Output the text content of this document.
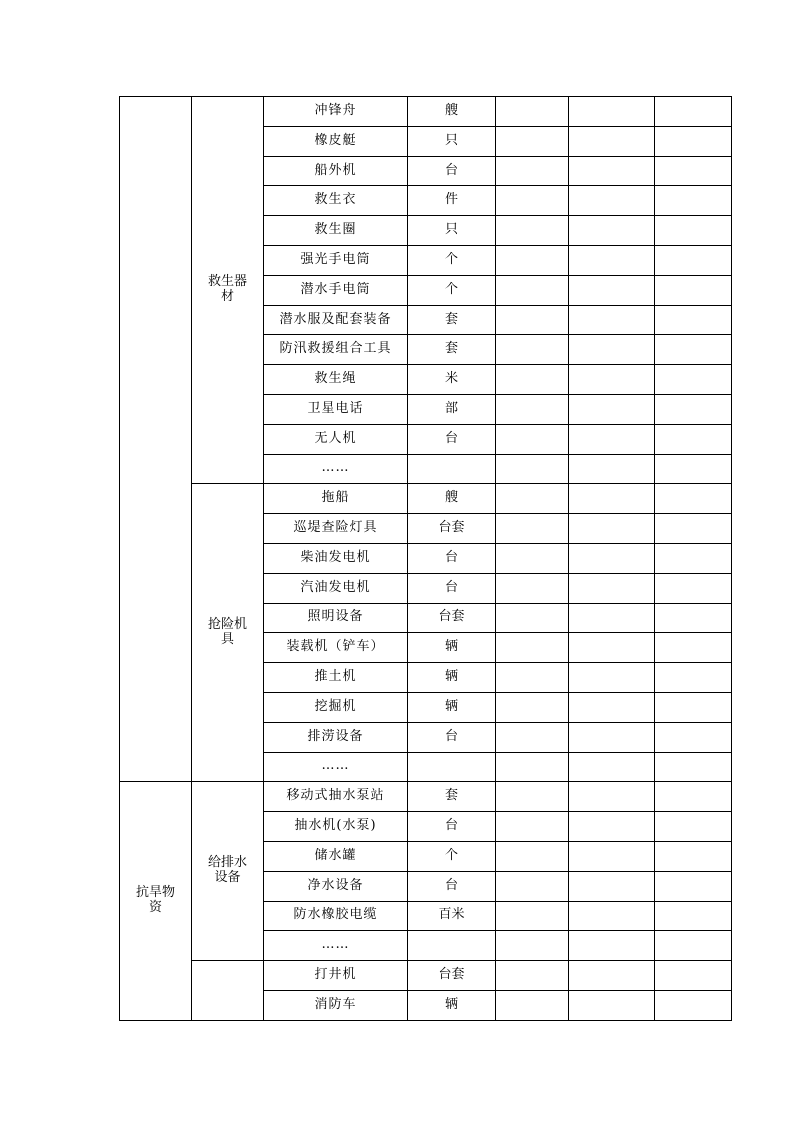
	救生器材	冲锋舟	艘			
		橡皮艇	只			
		船外机	台			
		救生衣	件			
		救生圈	只			
		强光手电筒	个			
		潜水手电筒	个			
		潜水服及配套装备	套			
		防汛救援组合工具	套			
		救生绳	米			
		卫星电话	部			
		无人机	台			
		……				
	抢险机具	拖船	艘			
		巡堤查险灯具	台套			
		柴油发电机	台			
		汽油发电机	台			
		照明设备	台套			
		装载机（铲车）	辆			
		推土机	辆			
		挖掘机	辆			
		排涝设备	台			
		……				
抗旱物资	给排水设备	移动式抽水泵站	套			
		抽水机(水泵)	台			
		储水罐	个			
		净水设备	台			
		防水橡胶电缆	百米			
		……				
		打井机	台套			
		消防车	辆			
